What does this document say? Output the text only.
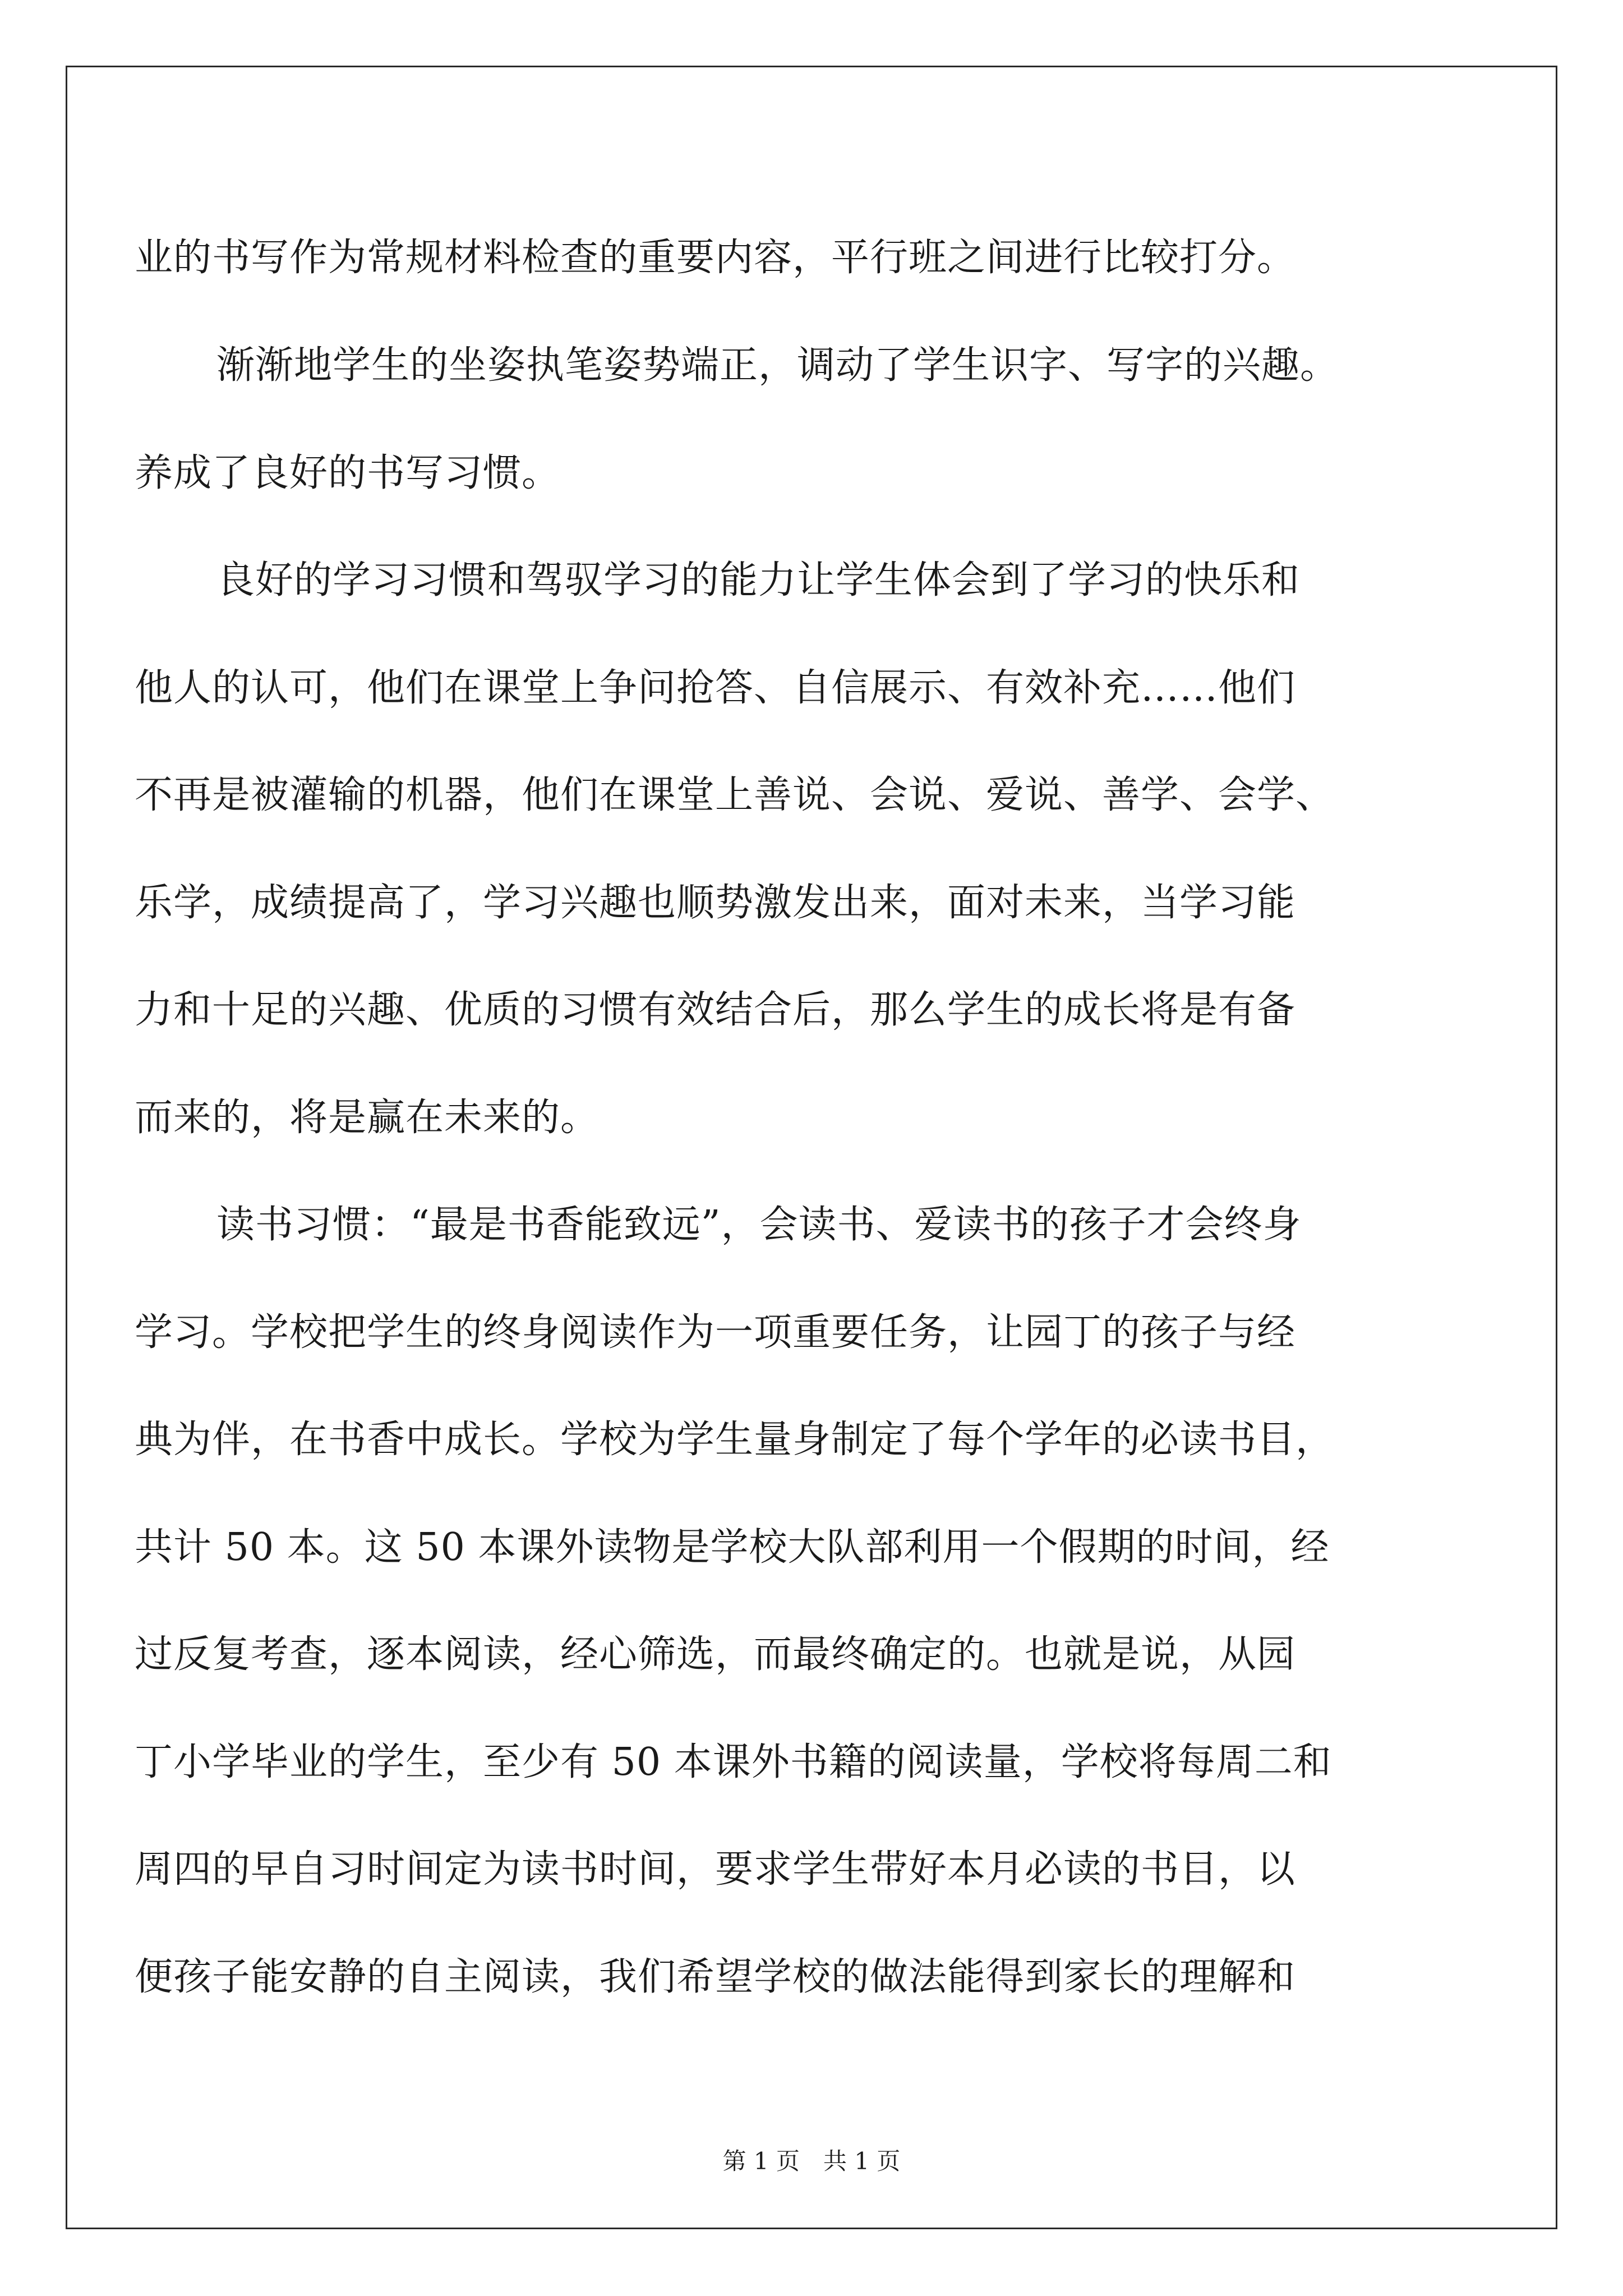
业的书写作为常规材料检查的重要内容，平行班之间进行比较打分。
渐渐地学生的坐姿执笔姿势端正，调动了学生识字、写字的兴趣。
养成了良好的书写习惯。
良好的学习习惯和驾驭学习的能力让学生体会到了学习的快乐和
他人的认可，他们在课堂上争问抢答、自信展示、有效补充……他们
不再是被灌输的机器，他们在课堂上善说、会说、爱说、善学、会学、
乐学，成绩提高了，学习兴趣也顺势激发出来，面对未来，当学习能
力和十足的兴趣、优质的习惯有效结合后，那么学生的成长将是有备
而来的，将是赢在未来的。
读书习惯：“最是书香能致远”，会读书、爱读书的孩子才会终身
学习。学校把学生的终身阅读作为一项重要任务，让园丁的孩子与经
典为伴，在书香中成长。学校为学生量身制定了每个学年的必读书目，
共计 50 本。这 50 本课外读物是学校大队部利用一个假期的时间，经
过反复考查，逐本阅读，经心筛选，而最终确定的。也就是说，从园
丁小学毕业的学生，至少有 50 本课外书籍的阅读量，学校将每周二和
周四的早自习时间定为读书时间，要求学生带好本月必读的书目，以
便孩子能安静的自主阅读，我们希望学校的做法能得到家长的理解和
第 1 页　共 1 页
